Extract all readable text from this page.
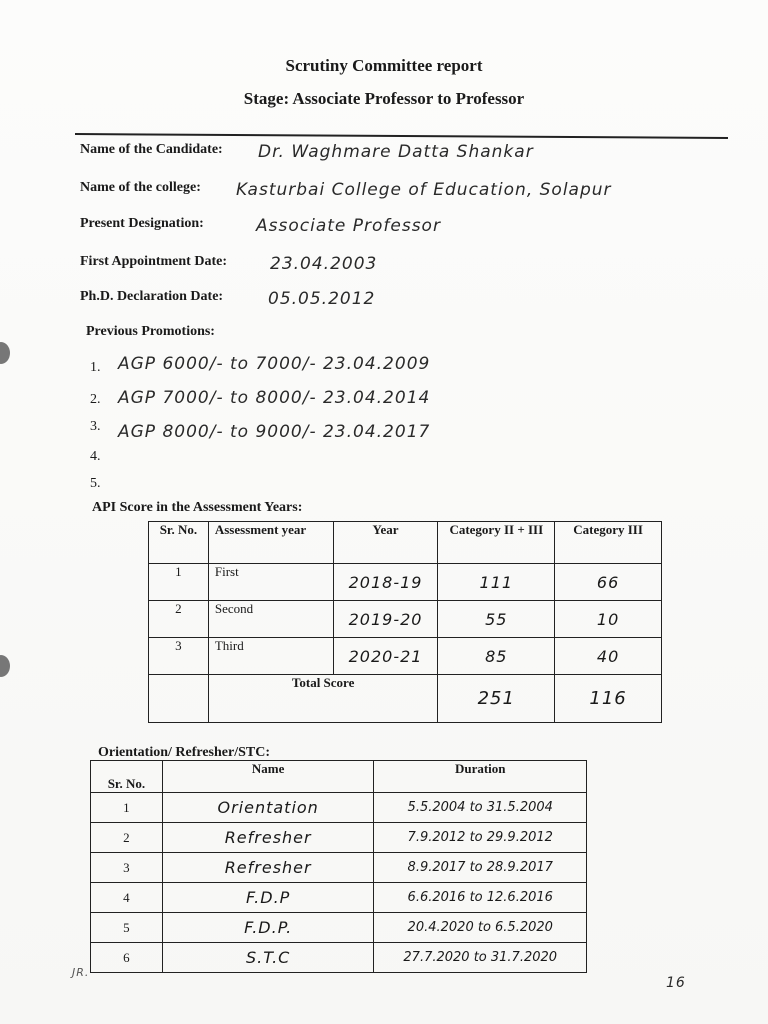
Scrutiny Committee report
Stage: Associate Professor to Professor
Name of the Candidate: Dr. Waghmare Datta Shankar
Name of the college: Kasturbai College of Education, Solapur
Present Designation:	Associate Professor
First Appointment Date:	23.04.2003
Ph.D. Declaration Date:	05.05.2012
Previous Promotions:
1. AGP 6000/- to 7000/- 23.04.2009
2. AGP 7000/- to 8000/- 23.04.2014
3. AGP 8000/- to 9000/- 23.04.2017
4.
5.
API Score in the Assessment Years:
Sr. No.	Assessment year	Year	Category II + III	Category III
1	First	2018-19	111	66
2	Second	2019-20	55	10
3	Third	2020-21	85	40
	Total Score		251	116
Orientation/ Refresher/STC:
Sr. No.	Name	Duration
1	Orientation	5.5.2004 to 31.5.2004
2	Refresher	7.9.2012 to 29.9.2012
3	Refresher	8.9.2017 to 28.9.2017
4	F.D.P	6.6.2016 to 12.6.2016
5	F.D.P.	20.4.2020 to 6.5.2020
6	S.T.C	27.7.2020 to 31.7.2020
JR.
16
